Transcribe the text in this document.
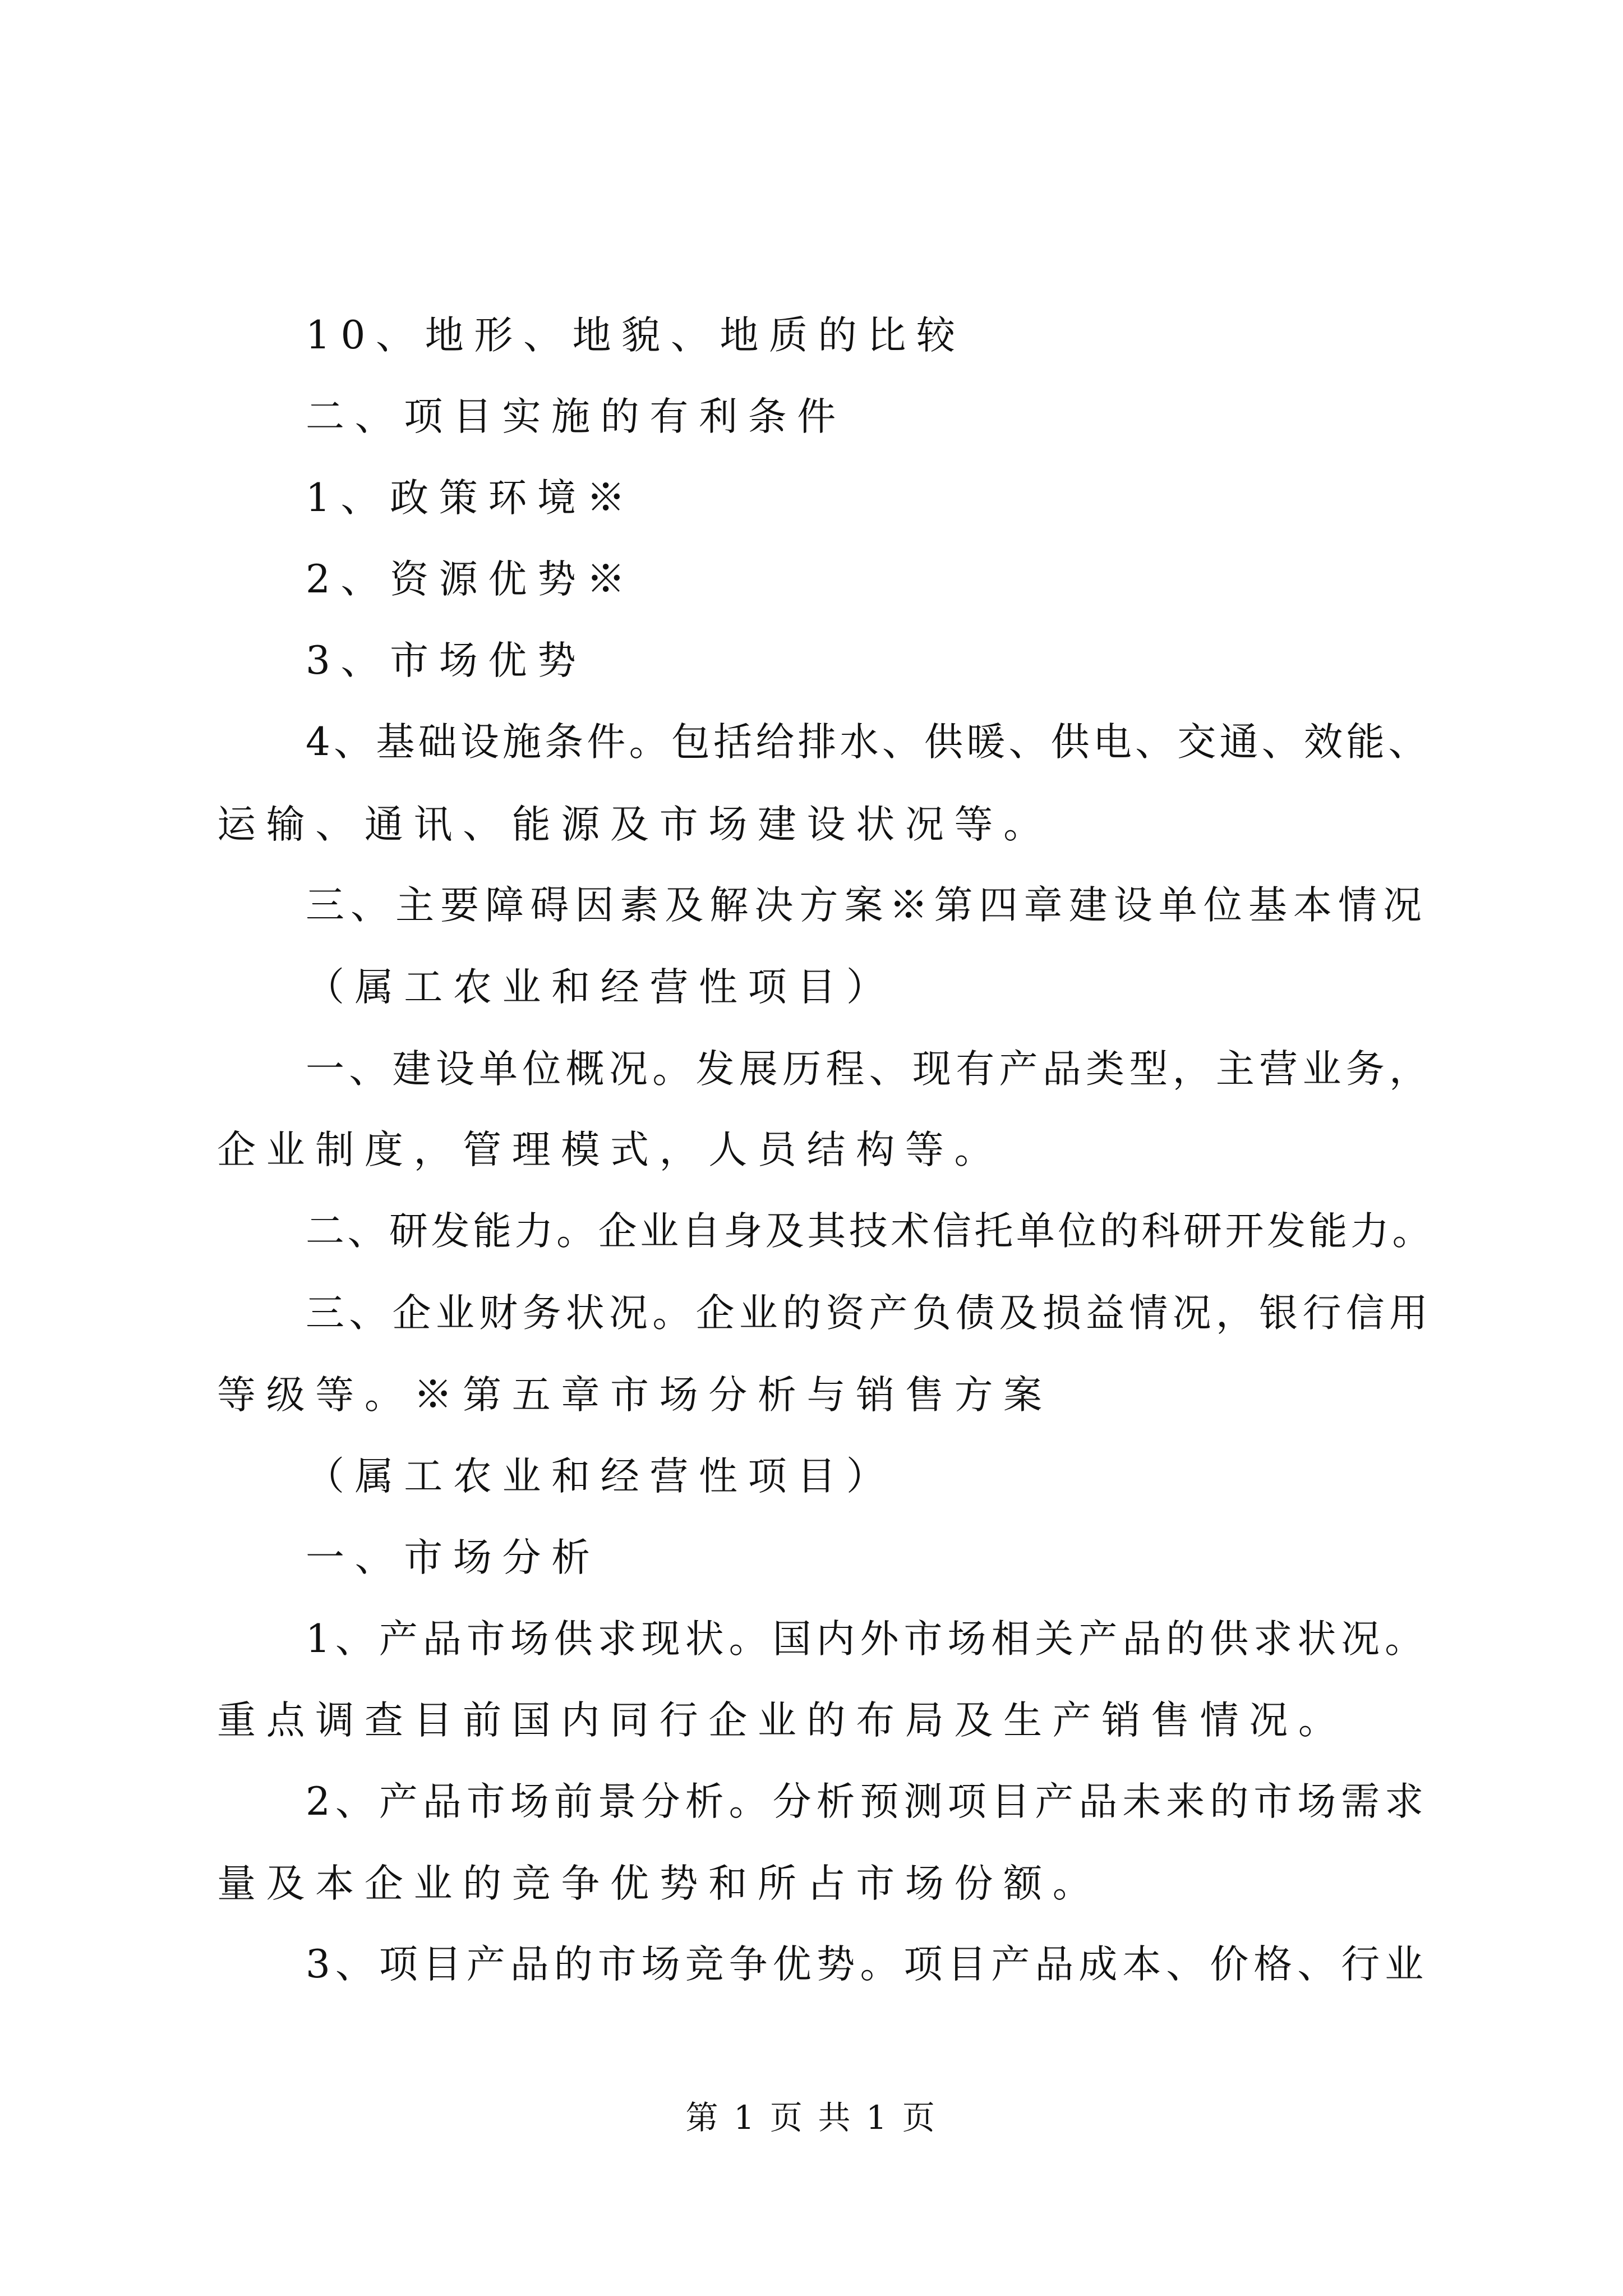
10、地形、地貌、地质的比较
二、项目实施的有利条件
1、政策环境※
2、资源优势※
3、市场优势
4、基础设施条件。包括给排水、供暖、供电、交通、效能、
运输、通讯、能源及市场建设状况等。
三、主要障碍因素及解决方案※第四章建设单位基本情况
（属工农业和经营性项目）
一、建设单位概况。发展历程、现有产品类型，主营业务，
企业制度，管理模式，人员结构等。
二、研发能力。企业自身及其技术信托单位的科研开发能力。
三、企业财务状况。企业的资产负债及损益情况，银行信用
等级等。※第五章市场分析与销售方案
（属工农业和经营性项目）
一、市场分析
1、产品市场供求现状。国内外市场相关产品的供求状况。
重点调查目前国内同行企业的布局及生产销售情况。
2、产品市场前景分析。分析预测项目产品未来的市场需求
量及本企业的竞争优势和所占市场份额。
3、项目产品的市场竞争优势。项目产品成本、价格、行业
第 1 页 共 1 页
